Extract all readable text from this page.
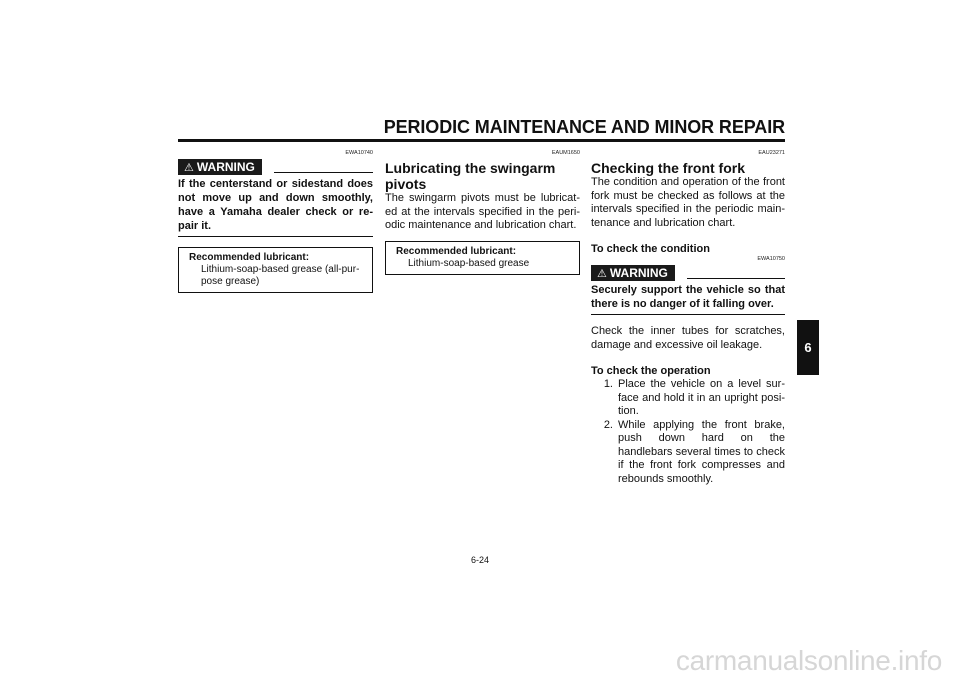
PERIODIC MAINTENANCE AND MINOR REPAIR
EWA10740
⚠ WARNING
If the centerstand or sidestand does not move up and down smoothly, have a Yamaha dealer check or re-pair it.
Recommended lubricant:
Lithium-soap-based grease (all-pur-pose grease)
EAUM1650
Lubricating the swingarm pivots

The swingarm pivots must be lubricat-ed at the intervals specified in the peri-odic maintenance and lubrication chart.

Recommended lubricant:
Lithium-soap-based grease
EAU23271
Checking the front fork

The condition and operation of the front fork must be checked as follows at the intervals specified in the periodic main-tenance and lubrication chart.

To check the condition
EWA10750
⚠ WARNING
Securely support the vehicle so that there is no danger of it falling over.

Check the inner tubes for scratches, damage and excessive oil leakage.

To check the operation
1. Place the vehicle on a level sur-face and hold it in an upright posi-tion.
2. While applying the front brake, push down hard on the handlebars several times to check if the front fork compresses and rebounds smoothly.
6
6-24
carmanualsonline.info
